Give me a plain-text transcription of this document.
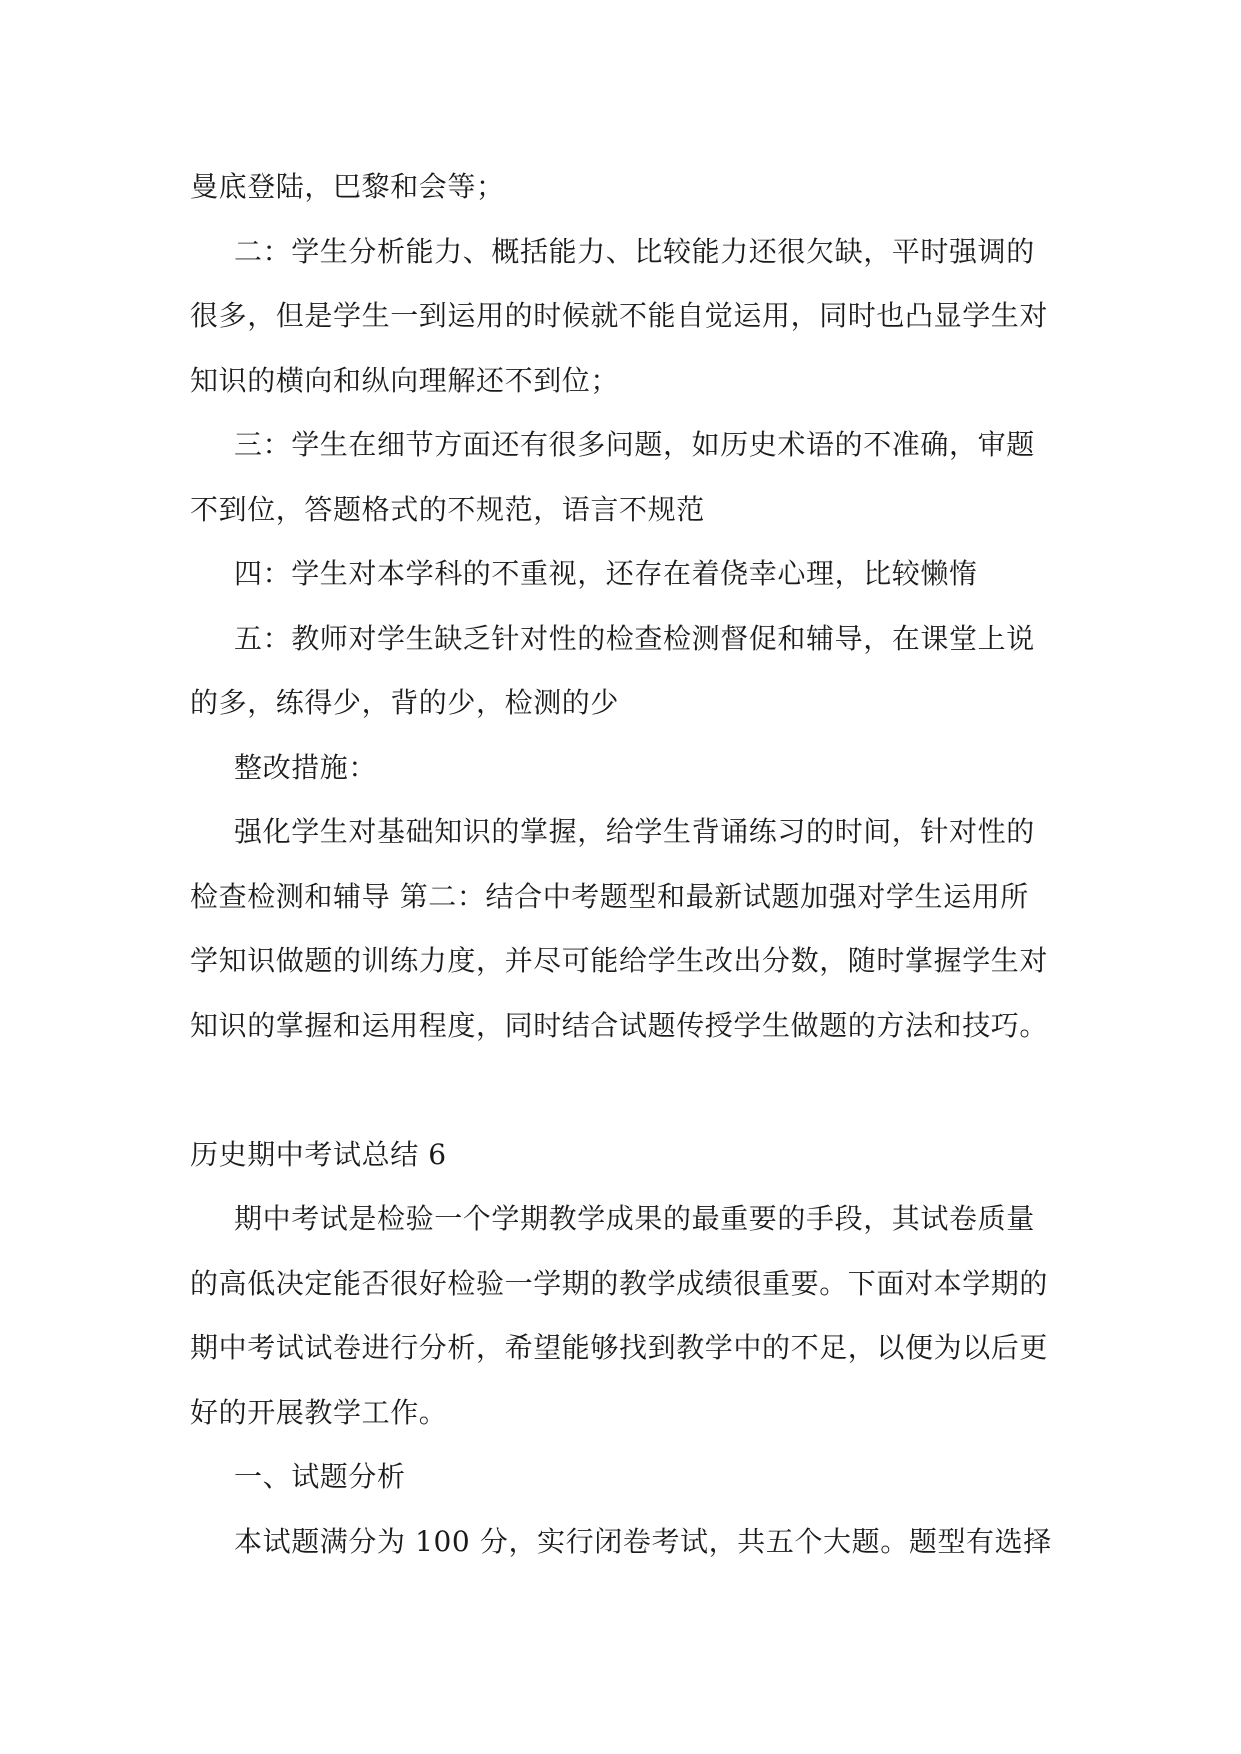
曼底登陆，巴黎和会等；
二：学生分析能力、概括能力、比较能力还很欠缺，平时强调的
很多，但是学生一到运用的时候就不能自觉运用，同时也凸显学生对
知识的横向和纵向理解还不到位；
三：学生在细节方面还有很多问题，如历史术语的不准确，审题
不到位，答题格式的不规范，语言不规范
四：学生对本学科的不重视，还存在着侥幸心理，比较懒惰
五：教师对学生缺乏针对性的检查检测督促和辅导，在课堂上说
的多，练得少，背的少，检测的少
整改措施：
强化学生对基础知识的掌握，给学生背诵练习的时间，针对性的
检查检测和辅导 第二：结合中考题型和最新试题加强对学生运用所
学知识做题的训练力度，并尽可能给学生改出分数，随时掌握学生对
知识的掌握和运用程度，同时结合试题传授学生做题的方法和技巧。
历史期中考试总结 6
期中考试是检验一个学期教学成果的最重要的手段，其试卷质量
的高低决定能否很好检验一学期的教学成绩很重要。下面对本学期的
期中考试试卷进行分析，希望能够找到教学中的不足，以便为以后更
好的开展教学工作。
一、试题分析
本试题满分为 100 分，实行闭卷考试，共五个大题。题型有选择
